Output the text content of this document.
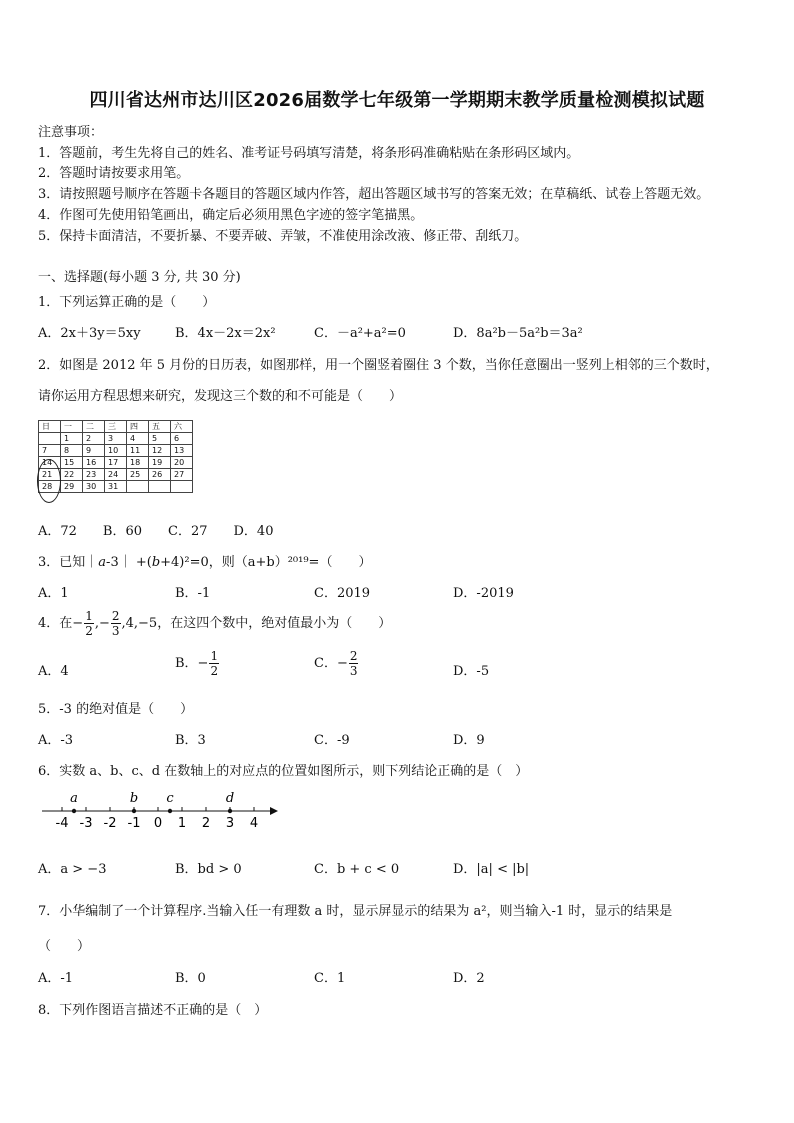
四川省达州市达川区2026届数学七年级第一学期期末教学质量检测模拟试题
注意事项：
1．答题前，考生先将自己的姓名、准考证号码填写清楚，将条形码准确粘贴在条形码区域内。
2．答题时请按要求用笔。
3．请按照题号顺序在答题卡各题目的答题区域内作答，超出答题区域书写的答案无效；在草稿纸、试卷上答题无效。
4．作图可先使用铅笔画出，确定后必须用黑色字迹的签字笔描黑。
5．保持卡面清洁，不要折暴、不要弄破、弄皱，不准使用涂改液、修正带、刮纸刀。
一、选择题(每小题 3 分, 共 30 分)
1．下列运算正确的是（　　）
A．2x＋3y＝5xy	B．4x－2x＝2x²	C．－a²+a²=0	D．8a²b－5a²b＝3a²
2．如图是 2012 年 5 月份的日历表，如图那样，用一个圈竖着圈住 3 个数，当你任意圈出一竖列上相邻的三个数时，
请你运用方程思想来研究，发现这三个数的和不可能是（　　）
日	一	二	三	四	五	六
	1	2	3	4	5	6
7	8	9	10	11	12	13
14	15	16	17	18	19	20
21	22	23	24	25	26	27
28	29	30	31			
A．72　　B．60　　C．27　　D．40
3．已知｜a-3｜ +(b+4)²=0，则（a+b）²⁰¹⁹=（　　）
A．1	B．-1	C．2019	D．-2019
4．在− $\frac{1}{2}$ ,− $\frac{2}{3} ,4,-5$，在这四个数中，绝对值最小为（　　）
A．4
B．− $\frac{1}{2}$	C．− $\frac{2}{3}$	D．-5
5．-3 的绝对值是（　　）
A．-3	B．3	C．-9	D．9
6．实数 a、b、c、d 在数轴上的对应点的位置如图所示，则下列结论正确的是（　）
-4 -3 -2 -1 0 1 2 3 4
a	b c	d
A．a > −3	B．bd > 0	C．b + c < 0	D．|a| < |b|
7．小华编制了一个计算程序.当输入任一有理数 a 时，显示屏显示的结果为 a²，则当输入-1 时，显示的结果是
（　　）
A．-1	B．0	C．1	D．2
8．下列作图语言描述不正确的是（　）
